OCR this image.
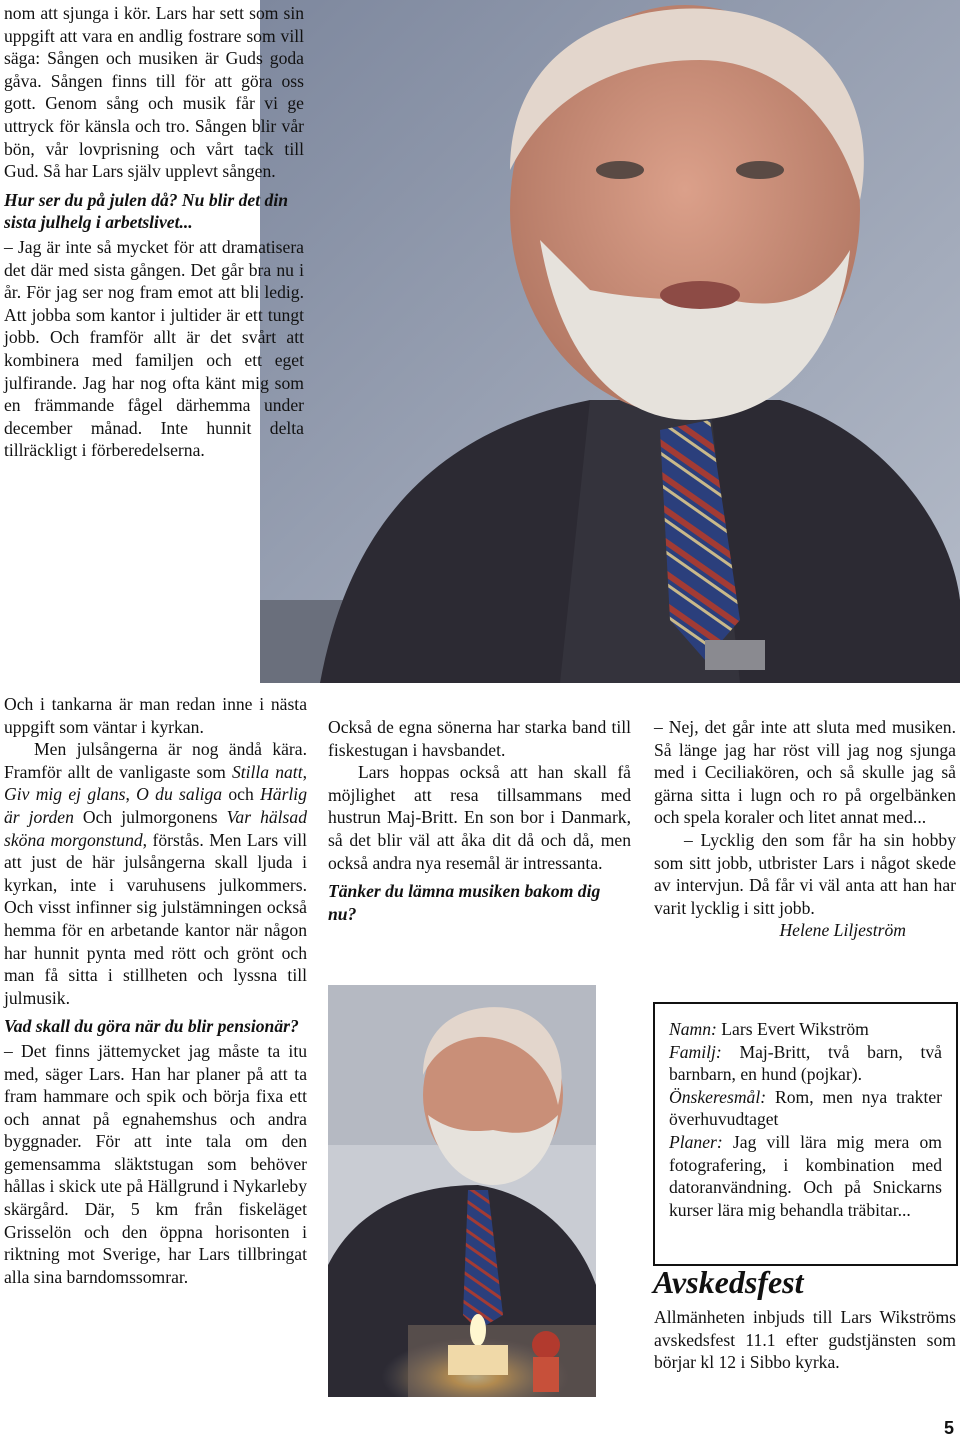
nom att sjunga i kör. Lars har sett som sin uppgift att vara en andlig fostrare som vill säga: Sången och musiken är Guds goda gåva. Sången finns till för att göra oss gott. Genom sång och musik får vi ge uttryck för känsla och tro. Sången blir vår bön, vår lovprisning och vårt tack till Gud. Så har Lars själv upplevt sången.

Hur ser du på julen då? Nu blir det din sista julhelg i arbetslivet...

– Jag är inte så mycket för att dramatisera det där med sista gången. Det går bra nu i år. För jag ser nog fram emot att bli ledig. Att jobba som kantor i jultider är ett tungt jobb. Och framför allt är det svårt att kombinera med familjen och ett eget julfirande. Jag har nog ofta känt mig som en främmande fågel därhemma under december månad. Inte hunnit delta tillräckligt i förberedelserna.

Och i tankarna är man redan inne i nästa uppgift som väntar i kyrkan.

Men julsångerna är nog ändå kära. Framför allt de vanligaste som Stilla natt, Giv mig ej glans, O du saliga och Härlig är jorden Och julmorgonens Var hälsad sköna morgonstund, förstås. Men Lars vill att just de här julsångerna skall ljuda i kyrkan, inte i varuhusens julkommers. Och visst infinner sig julstämningen också hemma för en arbetande kantor när någon har hunnit pynta med rött och grönt och man få sitta i stillheten och lyssna till julmusik.

Vad skall du göra när du blir pensionär?

– Det finns jättemycket jag måste ta itu med, säger Lars. Han har planer på att ta fram hammare och spik och börja fixa ett och annat på egnahemshus och andra byggnader. För att inte tala om den gemensamma släktstugan som behöver hållas i skick ute på Hällgrund i Nykarleby skärgård. Där, 5 km från fiskeläget Grisselön och den öppna horisonten i riktning mot Sverige, har Lars tillbringat alla sina barndomssomrar.

Också de egna sönerna har starka band till fiskestugan i havsbandet.

Lars hoppas också att han skall få möjlighet att resa tillsammans med hustrun Maj-Britt. En son bor i Danmark, så det blir väl att åka dit då och då, men också andra nya resemål är intressanta.

Tänker du lämna musiken bakom dig nu?

– Nej, det går inte att sluta med musiken. Så länge jag har röst vill jag nog sjunga med i Ceciliakören, och så skulle jag så gärna sitta i lugn och ro på orgelbänken och spela koraler och litet annat med...

– Lycklig den som får ha sin hobby som sitt jobb, utbrister Lars i något skede av intervjun. Då får vi väl anta att han har varit lycklig i sitt jobb.

Helene Liljeström

Namn: Lars Evert Wikström

Familj: Maj-Britt, två barn, två barnbarn, en hund (pojkar).

Önskeresmål: Rom, men nya trakter överhuvudtaget

Planer: Jag vill lära mig mera om fotografering, i kombination med datoranvändning. Och på Snickarns kurser lära mig behandla träbitar...

Avskedsfest
Allmänheten inbjuds till Lars Wikströms avskedsfest 11.1 efter gudstjänsten som börjar kl 12 i Sibbo kyrka.
5
